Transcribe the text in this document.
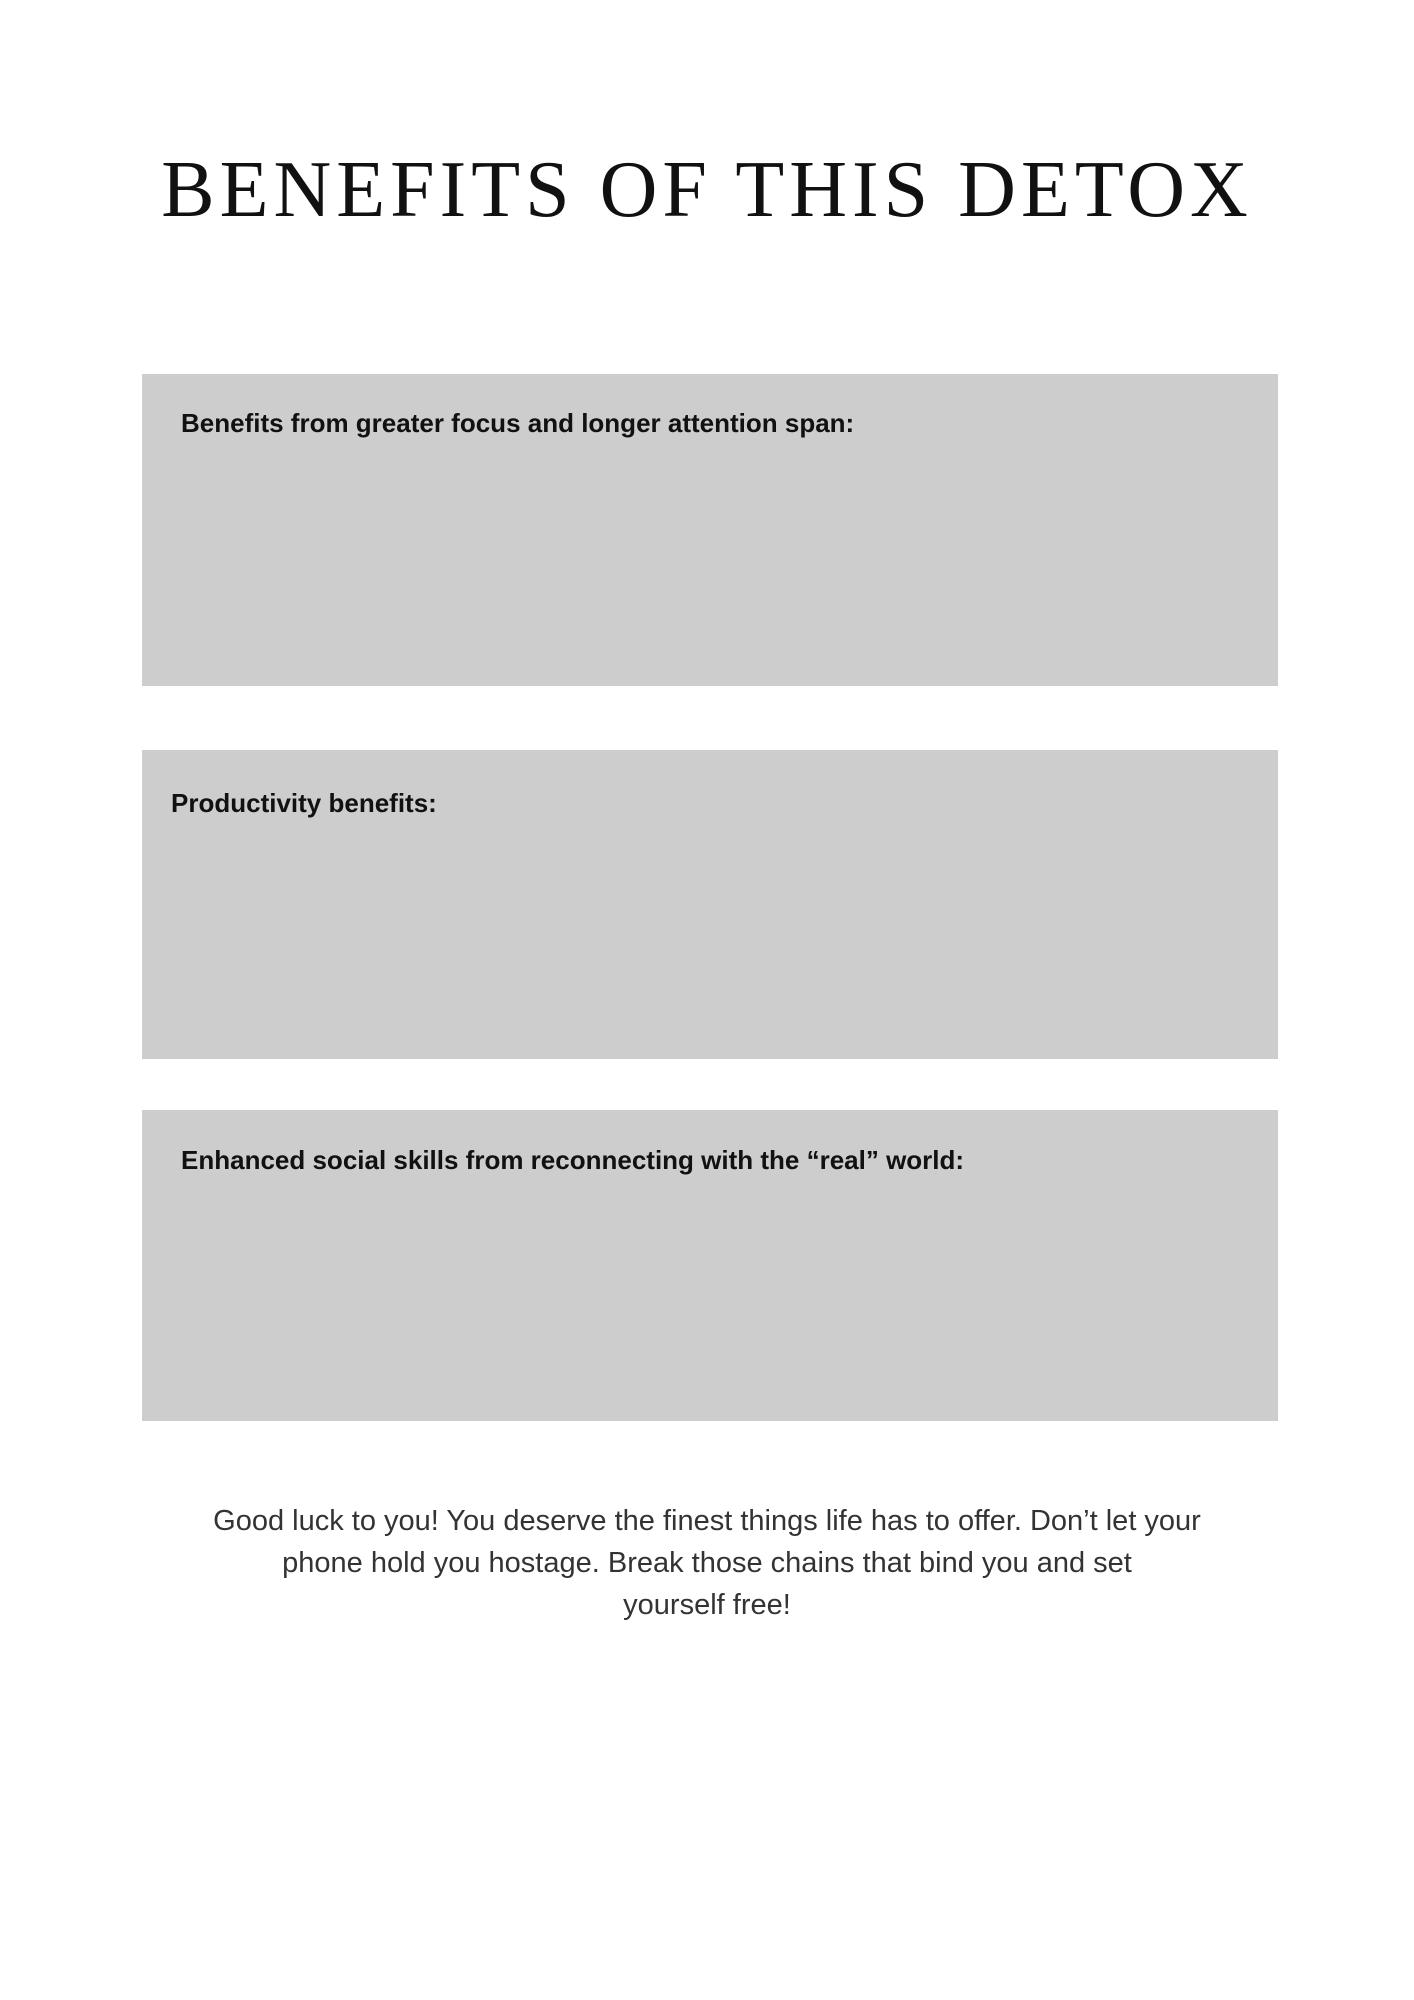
BENEFITS OF THIS DETOX
Benefits from greater focus and longer attention span:
Productivity benefits:
Enhanced social skills from reconnecting with the “real” world:

Good luck to you! You deserve the finest things life has to offer. Don’t let your
phone hold you hostage. Break those chains that bind you and set
yourself free!
